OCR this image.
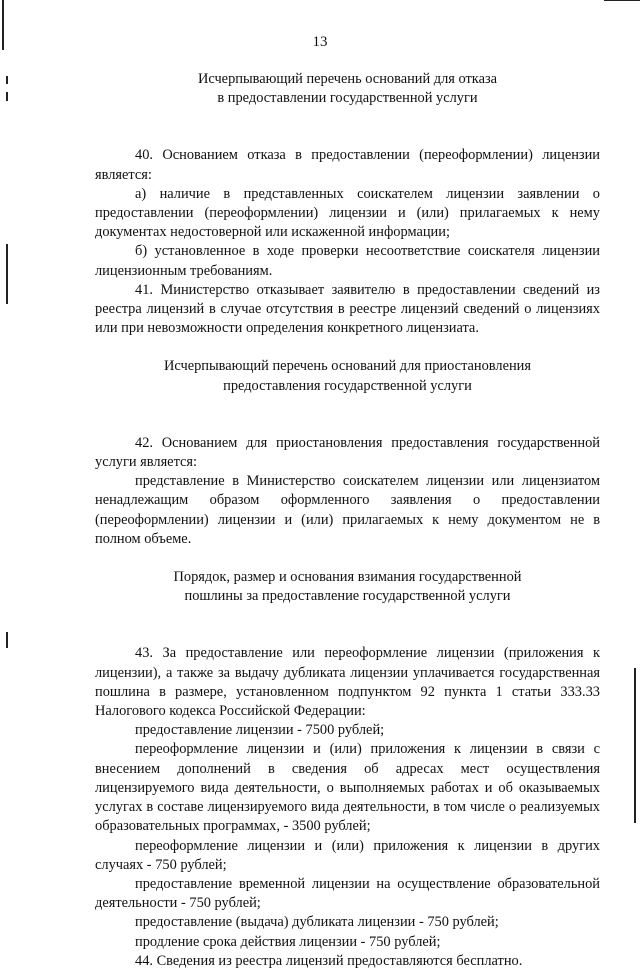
13
Исчерпывающий перечень оснований для отказа
в предоставлении государственной услуги

40. Основанием отказа в предоставлении (переоформлении) лицензии является:

а) наличие в представленных соискателем лицензии заявлении о предоставлении (переоформлении) лицензии и (или) прилагаемых к нему документах недостоверной или искаженной информации;

б) установленное в ходе проверки несоответствие соискателя лицензии лицензионным требованиям.

41. Министерство отказывает заявителю в предоставлении сведений из реестра лицензий в случае отсутствия в реестре лицензий сведений о лицензиях или при невозможности определения конкретного лицензиата.

Исчерпывающий перечень оснований для приостановления
предоставления государственной услуги

42. Основанием для приостановления предоставления государственной услуги является:

представление в Министерство соискателем лицензии или лицензиатом ненадлежащим образом оформленного заявления о предоставлении (переоформлении) лицензии и (или) прилагаемых к нему документом не в полном объеме.

Порядок, размер и основания взимания государственной
пошлины за предоставление государственной услуги

43. За предоставление или переоформление лицензии (приложения к лицензии), а также за выдачу дубликата лицензии уплачивается государственная пошлина в размере, установленном подпунктом 92 пункта 1 статьи 333.33 Налогового кодекса Российской Федерации:

предоставление лицензии - 7500 рублей;

переоформление лицензии и (или) приложения к лицензии в связи с внесением дополнений в сведения об адресах мест осуществления лицензируемого вида деятельности, о выполняемых работах и об оказываемых услугах в составе лицензируемого вида деятельности, в том числе о реализуемых образовательных программах, - 3500 рублей;

переоформление лицензии и (или) приложения к лицензии в других случаях - 750 рублей;

предоставление временной лицензии на осуществление образовательной деятельности - 750 рублей;

предоставление (выдача) дубликата лицензии - 750 рублей;

продление срока действия лицензии - 750 рублей;

44. Сведения из реестра лицензий предоставляются бесплатно.
